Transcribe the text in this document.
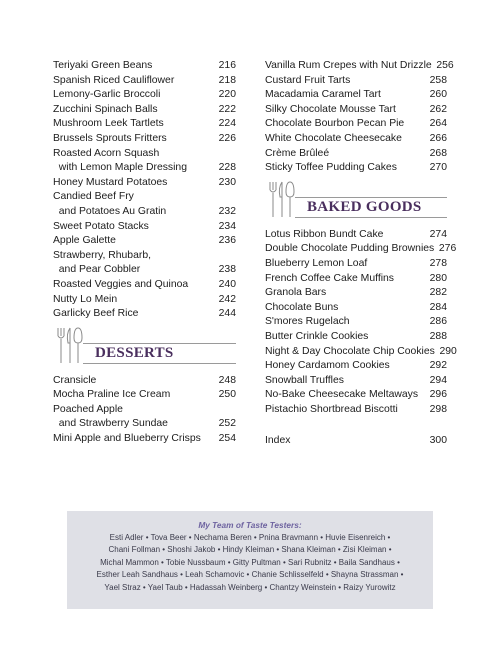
Teriyaki Green Beans	216
Spanish Riced Cauliflower	218
Lemony-Garlic Broccoli	220
Zucchini Spinach Balls	222
Mushroom Leek Tartlets	224
Brussels Sprouts Fritters	226
Roasted Acorn Squash
with Lemon Maple Dressing	228
Honey Mustard Potatoes	230
Candied Beef Fry
and Potatoes Au Gratin	232
Sweet Potato Stacks	234
Apple Galette	236
Strawberry, Rhubarb,
and Pear Cobbler	238
Roasted Veggies and Quinoa	240
Nutty Lo Mein	242
Garlicky Beef Rice	244
DESSERTS
Cransicle	248
Mocha Praline Ice Cream	250
Poached Apple
and Strawberry Sundae	252
Mini Apple and Blueberry Crisps	254
Vanilla Rum Crepes with Nut Drizzle 256
Custard Fruit Tarts	258
Macadamia Caramel Tart	260
Silky Chocolate Mousse Tart	262
Chocolate Bourbon Pecan Pie	264
White Chocolate Cheesecake	266
Crème Brûleé	268
Sticky Toffee Pudding Cakes	270
BAKED GOODS
Lotus Ribbon Bundt Cake	274
Double Chocolate Pudding Brownies 276
Blueberry Lemon Loaf	278
French Coffee Cake Muffins	280
Granola Bars	282
Chocolate Buns	284
S'mores Rugelach	286
Butter Crinkle Cookies	288
Night & Day Chocolate Chip Cookies 290
Honey Cardamom Cookies	292
Snowball Truffles	294
No-Bake Cheesecake Meltaways	296
Pistachio Shortbread Biscotti	298
Index	300
My Team of Taste Testers:
Esti Adler • Tova Beer • Nechama Beren • Pnina Bravmann • Huvie Eisenreich •
Chani Follman • Shoshi Jakob • Hindy Kleiman • Shana Kleiman • Zisi Kleiman •
Michal Mammon • Tobie Nussbaum • Gitty Pultman • Sari Rubnitz • Baila Sandhaus •
Esther Leah Sandhaus • Leah Schamovic • Chanie Schlisselfeld • Shayna Strassman •
Yael Straz • Yael Taub • Hadassah Weinberg • Chantzy Weinstein • Raizy Yurowitz
